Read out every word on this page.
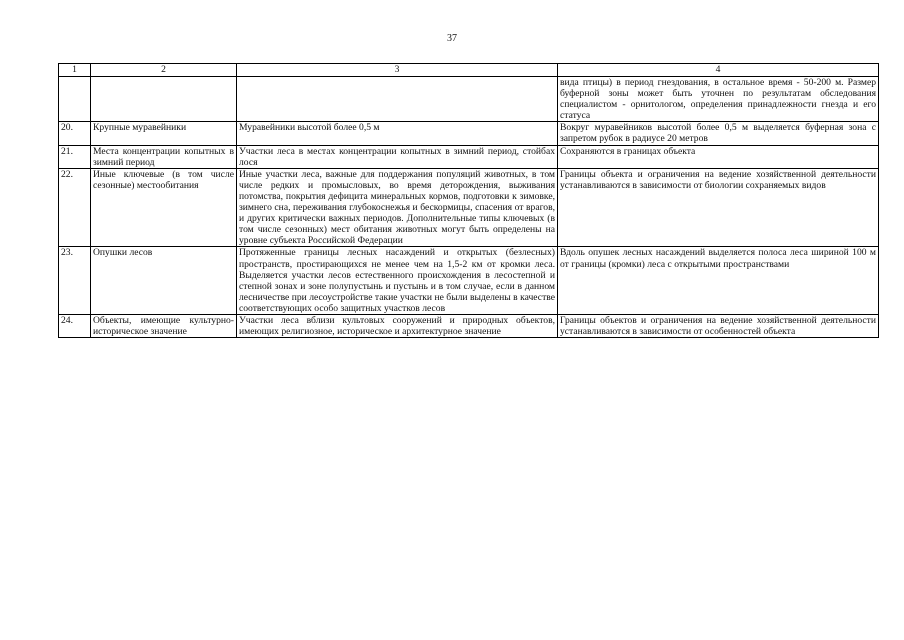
37
1	2	3	4
			вида птицы) в период гнездования, в остальное время - 50-200 м. Размер буферной зоны может быть уточнен по результатам обследования специалистом - орнитологом, определения принадлежности гнезда и его статуса
20.	Крупные муравейники	Муравейники высотой более 0,5 м	Вокруг муравейников высотой более 0,5 м выделяется буферная зона с запретом рубок в радиусе 20 метров
21.	Места концентрации копытных в зимний период	Участки леса в местах концентрации копытных в зимний период, стойбах лося	Сохраняются в границах объекта
22.	Иные ключевые (в том числе сезонные) местообитания	Иные участки леса, важные для поддержания популяций животных, в том числе редких и промысловых, во время деторождения, выживания потомства, покрытия дефицита минеральных кормов, подготовки к зимовке, зимнего сна, переживания глубокоснежья и бескормицы, спасения от врагов, и других критически важных периодов. Дополнительные типы ключевых (в том числе сезонных) мест обитания животных могут быть определены на уровне субъекта Российской Федерации	Границы объекта и ограничения на ведение хозяйственной деятельности устанавливаются в зависимости от биологии сохраняемых видов
23.	Опушки лесов	Протяженные границы лесных насаждений и открытых (безлесных) пространств, простирающихся не менее чем на 1,5-2 км от кромки леса. Выделяется участки лесов естественного происхождения в лесостепной и степной зонах и зоне полупустынь и пустынь и в том случае, если в данном лесничестве при лесоустройстве такие участки не были выделены в качестве соответствующих особо защитных участков лесов	Вдоль опушек лесных насаждений выделяется полоса леса шириной 100 м от границы (кромки) леса с открытыми пространствами
24.	Объекты, имеющие культурно-историческое значение	Участки леса вблизи культовых сооружений и природных объектов, имеющих религиозное, историческое и архитектурное значение	Границы объектов и ограничения на ведение хозяйственной деятельности устанавливаются в зависимости от особенностей объекта
